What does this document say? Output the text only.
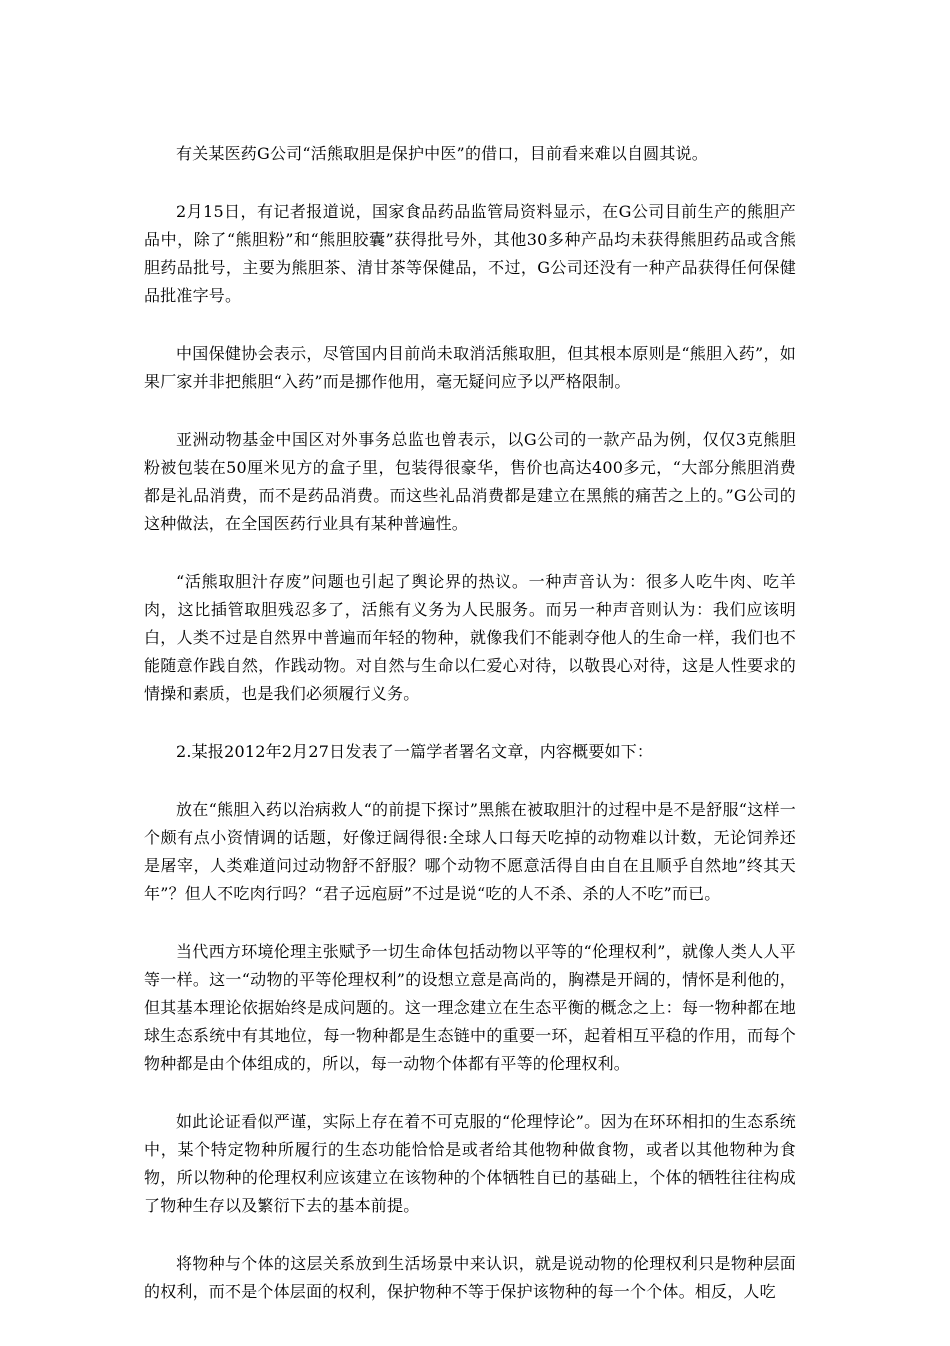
有关某医药G公司“活熊取胆是保护中医”的借口，目前看来难以自圆其说。

2月15日，有记者报道说，国家食品药品监管局资料显示，在G公司目前生产的熊胆产品中，除了“熊胆粉”和“熊胆胶囊”获得批号外，其他30多种产品均未获得熊胆药品或含熊胆药品批号，主要为熊胆茶、清甘茶等保健品，不过，G公司还没有一种产品获得任何保健品批准字号。

中国保健协会表示，尽管国内目前尚未取消活熊取胆，但其根本原则是“熊胆入药”，如果厂家并非把熊胆“入药”而是挪作他用，毫无疑问应予以严格限制。

亚洲动物基金中国区对外事务总监也曾表示，以G公司的一款产品为例，仅仅3克熊胆粉被包装在50厘米见方的盒子里，包装得很豪华，售价也高达400多元，“大部分熊胆消费都是礼品消费，而不是药品消费。而这些礼品消费都是建立在黑熊的痛苦之上的。”G公司的这种做法，在全国医药行业具有某种普遍性。

“活熊取胆汁存废”问题也引起了舆论界的热议。一种声音认为：很多人吃牛肉、吃羊肉，这比插管取胆残忍多了，活熊有义务为人民服务。而另一种声音则认为：我们应该明白，人类不过是自然界中普遍而年轻的物种，就像我们不能剥夺他人的生命一样，我们也不能随意作践自然，作践动物。对自然与生命以仁爱心对待，以敬畏心对待，这是人性要求的情操和素质，也是我们必须履行义务。

2.某报2012年2月27日发表了一篇学者署名文章，内容概要如下：

放在“熊胆入药以治病救人“的前提下探讨”黑熊在被取胆汁的过程中是不是舒服“这样一个颇有点小资情调的话题，好像迂阔得很:全球人口每天吃掉的动物难以计数，无论饲养还是屠宰，人类难道问过动物舒不舒服？哪个动物不愿意活得自由自在且顺乎自然地”终其天年”？但人不吃肉行吗？“君子远庖厨”不过是说“吃的人不杀、杀的人不吃”而已。

当代西方环境伦理主张赋予一切生命体包括动物以平等的“伦理权利”，就像人类人人平等一样。这一“动物的平等伦理权利”的设想立意是高尚的，胸襟是开阔的，情怀是利他的，但其基本理论依据始终是成问题的。这一理念建立在生态平衡的概念之上：每一物种都在地球生态系统中有其地位，每一物种都是生态链中的重要一环，起着相互平稳的作用，而每个物种都是由个体组成的，所以，每一动物个体都有平等的伦理权利。

如此论证看似严谨，实际上存在着不可克服的“伦理悖论”。因为在环环相扣的生态系统中，某个特定物种所履行的生态功能恰恰是或者给其他物种做食物，或者以其他物种为食物，所以物种的伦理权利应该建立在该物种的个体牺牲自已的基础上，个体的牺牲往往构成了物种生存以及繁衍下去的基本前提。

将物种与个体的这层关系放到生活场景中来认识，就是说动物的伦理权利只是物种层面的权利，而不是个体层面的权利，保护物种不等于保护该物种的每一个个体。相反，人吃
